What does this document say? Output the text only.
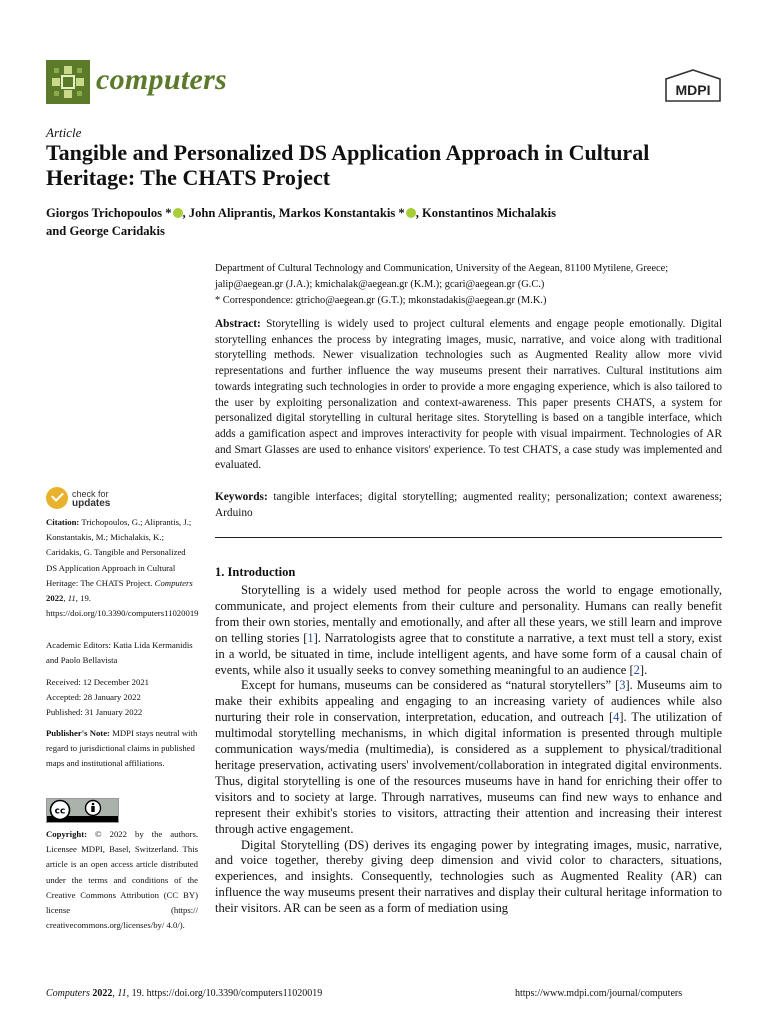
computers	MDPI
Article
Tangible and Personalized DS Application Approach in Cultural Heritage: The CHATS Project
Giorgos Trichopoulos * , John Aliprantis, Markos Konstantakis * , Konstantinos Michalakis
and George Caridakis

Department of Cultural Technology and Communication, University of the Aegean, 81100 Mytilene, Greece;

jalip@aegean.gr (J.A.); kmichalak@aegean.gr (K.M.); gcari@aegean.gr (G.C.)

* Correspondence: gtricho@aegean.gr (G.T.); mkonstadakis@aegean.gr (M.K.)

Abstract: Storytelling is widely used to project cultural elements and engage people emotionally. Digital storytelling enhances the process by integrating images, music, narrative, and voice along with traditional storytelling methods. Newer visualization technologies such as Augmented Reality allow more vivid representations and further influence the way museums present their narratives. Cultural institutions aim towards integrating such technologies in order to provide a more engaging experience, which is also tailored to the user by exploiting personalization and context-awareness. This paper presents CHATS, a system for personalized digital storytelling in cultural heritage sites. Storytelling is based on a tangible interface, which adds a gamification aspect and improves interactivity for people with visual impairment. Technologies of AR and Smart Glasses are used to enhance visitors' experience. To test CHATS, a case study was implemented and evaluated.
Keywords: tangible interfaces; digital storytelling; augmented reality; personalization; context awareness; Arduino
1. Introduction

Storytelling is a widely used method for people across the world to engage emotionally, communicate, and project elements from their culture and personality. Humans can really benefit from their own stories, mentally and emotionally, and after all these years, we still learn and improve on telling stories [1]. Narratologists agree that to constitute a narrative, a text must tell a story, exist in a world, be situated in time, include intelligent agents, and have some form of a causal chain of events, while also it usually seeks to convey something meaningful to an audience [2].

Except for humans, museums can be considered as “natural storytellers” [3]. Museums aim to make their exhibits appealing and engaging to an increasing variety of audiences while also nurturing their role in conservation, interpretation, education, and outreach [4]. The utilization of multimodal storytelling mechanisms, in which digital information is presented through multiple communication ways/media (multimedia), is considered as a supplement to physical/traditional heritage preservation, activating users' involvement/collaboration in integrated digital environments. Thus, digital storytelling is one of the resources museums have in hand for enriching their offer to visitors and to society at large. Through narratives, museums can find new ways to enhance and represent their exhibit's stories to visitors, attracting their attention and increasing their interest through active engagement.

Digital Storytelling (DS) derives its engaging power by integrating images, music, narrative, and voice together, thereby giving deep dimension and vivid color to characters, situations, experiences, and insights. Consequently, technologies such as Augmented Reality (AR) can influence the way museums present their narratives and display their cultural heritage information to their visitors. AR can be seen as a form of mediation using

check for
updates
Citation: Trichopoulos, G.; Aliprantis, J.; Konstantakis, M.; Michalakis, K.; Caridakis, G. Tangible and Personalized DS Application Approach in Cultural Heritage: The CHATS Project. Computers 2022, 11, 19. https://doi.org/10.3390/computers11020019
Academic Editors: Katia Lida Kermanidis and Paolo Bellavista
Received: 12 December 2021
Accepted: 28 January 2022
Published: 31 January 2022
Publisher's Note: MDPI stays neutral with regard to jurisdictional claims in published maps and institutional affiliations.
cc
Copyright: © 2022 by the authors. Licensee MDPI, Basel, Switzerland. This article is an open access article distributed under the terms and conditions of the Creative Commons Attribution (CC BY) license (https:// creativecommons.org/licenses/by/ 4.0/).
Computers 2022, 11, 19. https://doi.org/10.3390/computers11020019	https://www.mdpi.com/journal/computers
